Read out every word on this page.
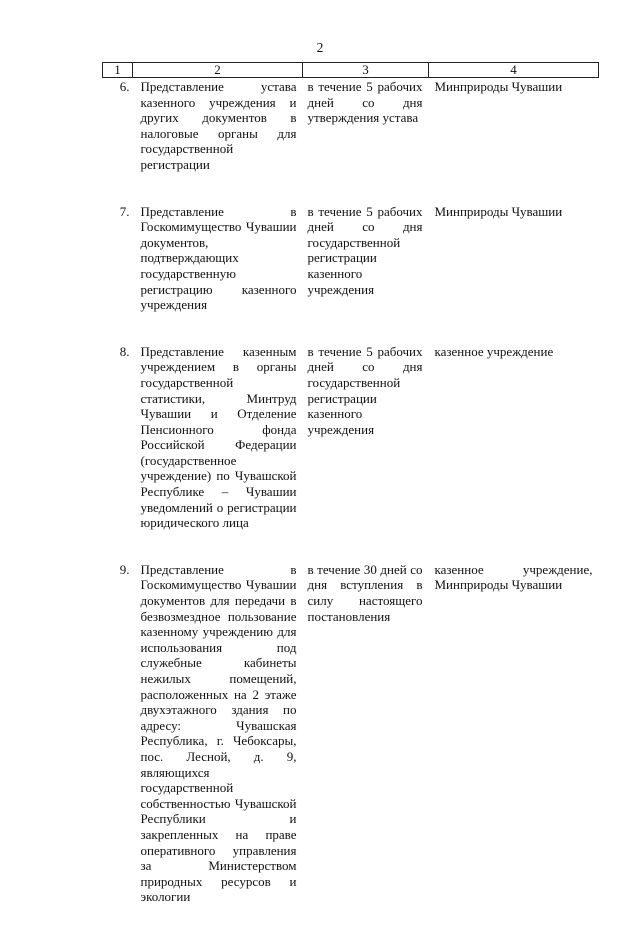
2
1	2	3	4
6.	Представление устава казенного учреждения и других документов в налоговые органы для государственной регистрации	в течение 5 рабочих дней со дня утверждения устава	Минприроды Чувашии
7.	Представление в Госкомимущество Чувашии документов, подтверждающих государственную регистрацию казенного учреждения	в течение 5 рабочих дней со дня государственной регистрации казенного учреждения	Минприроды Чувашии
8.	Представление казенным учреждением в органы государственной статистики, Минтруд Чувашии и Отделение Пенсионного фонда Российской Федерации (государственное учреждение) по Чувашской Республике – Чувашии уведомлений о регистрации юридического лица	в течение 5 рабочих дней со дня государственной регистрации казенного учреждения	казенное учреждение
9.	Представление в Госкомимущество Чувашии документов для передачи в безвозмездное пользование казенному учреждению для использования под служебные кабинеты нежилых помещений, расположенных на 2 этаже двухэтажного здания по адресу: Чувашская Республика, г. Чебоксары, пос. Лесной, д. 9, являющихся государственной собственностью Чувашской Республики и закрепленных на праве оперативного управления за Министерством природных ресурсов и экологии	в течение 30 дней со дня вступления в силу настоящего постановления	казенное учреждение, Минприроды Чувашии
